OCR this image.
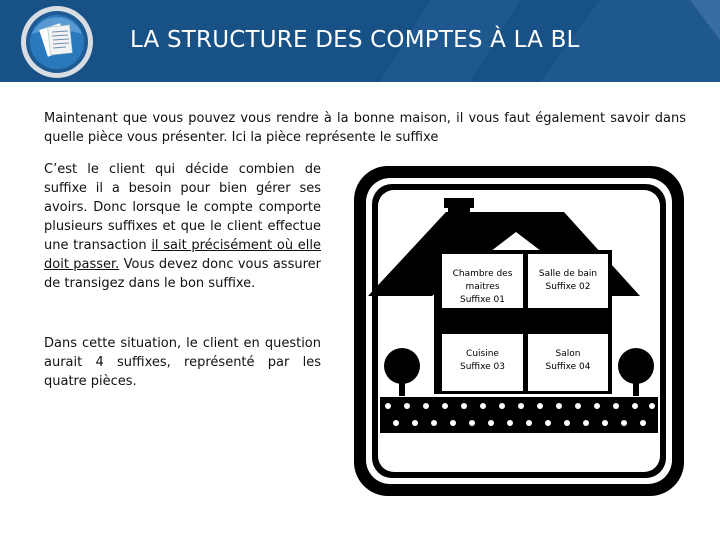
LA STRUCTURE DES COMPTES À LA BL
Maintenant que vous pouvez vous rendre à la bonne maison, il vous faut également savoir dans quelle pièce vous présenter. Ici la pièce représente le suffixe
C’est le client qui décide combien de suffixe il a besoin pour bien gérer ses avoirs. Donc lorsque le compte comporte plusieurs suffixes et que le client effectue une transaction il sait précisément où elle doit passer. Vous devez donc vous assurer de transigez dans le bon suffixe.
Dans cette situation, le client en question aurait 4 suffixes, représenté par les quatre pièces.
Chambre des
maitres
Suffixe 01
Salle de bain
Suffixe 02
Cuisine
Suffixe 03
Salon
Suffixe 04
